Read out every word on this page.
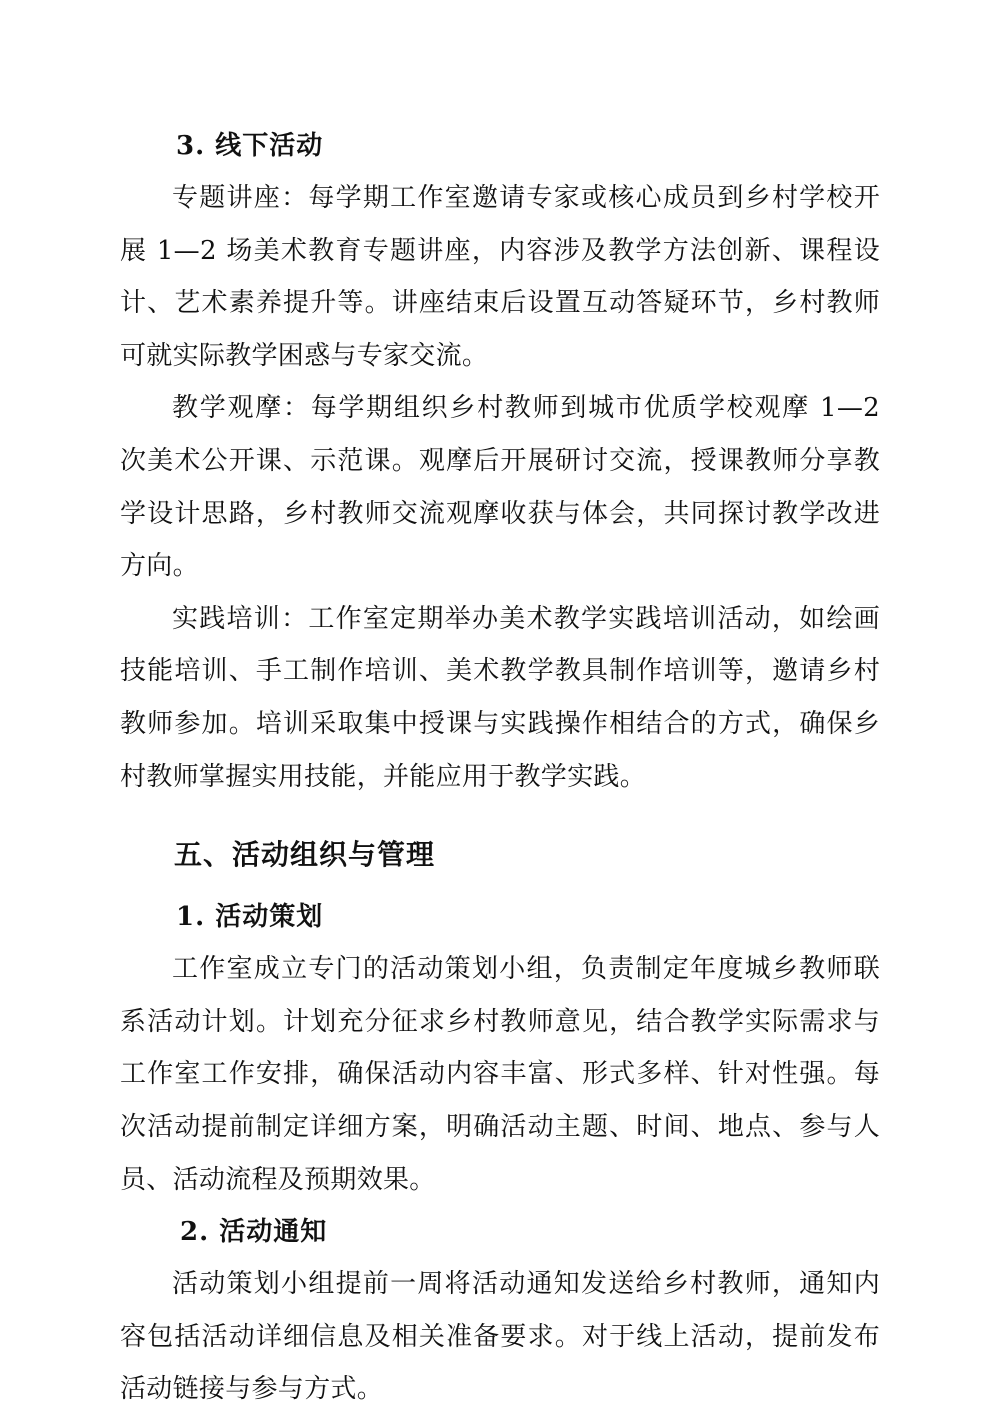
3. 线下活动

专题讲座：每学期工作室邀请专家或核心成员到乡村学校开展 1—2 场美术教育专题讲座，内容涉及教学方法创新、课程设计、艺术素养提升等。讲座结束后设置互动答疑环节，乡村教师可就实际教学困惑与专家交流。

教学观摩：每学期组织乡村教师到城市优质学校观摩 1—2 次美术公开课、示范课。观摩后开展研讨交流，授课教师分享教学设计思路，乡村教师交流观摩收获与体会，共同探讨教学改进方向。

实践培训：工作室定期举办美术教学实践培训活动，如绘画技能培训、手工制作培训、美术教学教具制作培训等，邀请乡村教师参加。培训采取集中授课与实践操作相结合的方式，确保乡村教师掌握实用技能，并能应用于教学实践。

五、活动组织与管理

1. 活动策划

工作室成立专门的活动策划小组，负责制定年度城乡教师联系活动计划。计划充分征求乡村教师意见，结合教学实际需求与工作室工作安排，确保活动内容丰富、形式多样、针对性强。每次活动提前制定详细方案，明确活动主题、时间、地点、参与人员、活动流程及预期效果。

2. 活动通知

活动策划小组提前一周将活动通知发送给乡村教师，通知内容包括活动详细信息及相关准备要求。对于线上活动，提前发布活动链接与参与方式。
